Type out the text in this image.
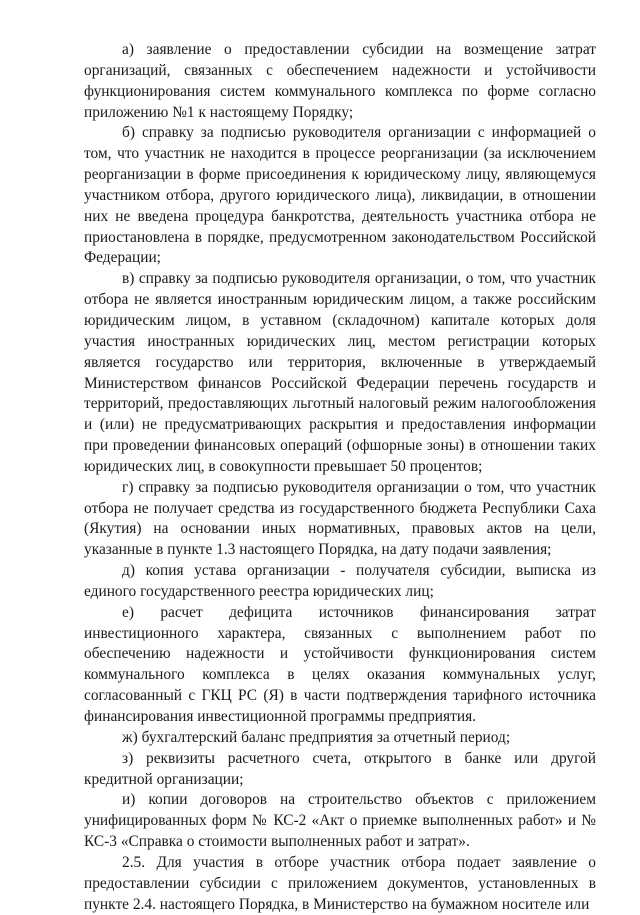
а) заявление о предоставлении субсидии на возмещение затрат организаций, связанных с обеспечением надежности и устойчивости функционирования систем коммунального комплекса по форме согласно приложению №1 к настоящему Порядку;

б) справку за подписью руководителя организации с информацией о том, что участник не находится в процессе реорганизации (за исключением реорганизации в форме присоединения к юридическому лицу, являющемуся участником отбора, другого юридического лица), ликвидации, в отношении них не введена процедура банкротства, деятельность участника отбора не приостановлена в порядке, предусмотренном законодательством Российской Федерации;

в) справку за подписью руководителя организации, о том, что участник отбора не является иностранным юридическим лицом, а также российским юридическим лицом, в уставном (складочном) капитале которых доля участия иностранных юридических лиц, местом регистрации которых является государство или территория, включенные в утверждаемый Министерством финансов Российской Федерации перечень государств и территорий, предоставляющих льготный налоговый режим налогообложения и (или) не предусматривающих раскрытия и предоставления информации при проведении финансовых операций (офшорные зоны) в отношении таких юридических лиц, в совокупности превышает 50 процентов;

г) справку за подписью руководителя организации о том, что участник отбора не получает средства из государственного бюджета Республики Саха (Якутия) на основании иных нормативных, правовых актов на цели, указанные в пункте 1.3 настоящего Порядка, на дату подачи заявления;

д) копия устава организации - получателя субсидии, выписка из единого государственного реестра юридических лиц;

е) расчет дефицита источников финансирования затрат инвестиционного характера, связанных с выполнением работ по обеспечению надежности и устойчивости функционирования систем коммунального комплекса в целях оказания коммунальных услуг, согласованный с ГКЦ РС (Я) в части подтверждения тарифного источника финансирования инвестиционной программы предприятия.

ж) бухгалтерский баланс предприятия за отчетный период;

з) реквизиты расчетного счета, открытого в банке или другой кредитной организации;

и) копии договоров на строительство объектов с приложением унифицированных форм № КС-2 «Акт о приемке выполненных работ» и № КС-3 «Справка о стоимости выполненных работ и затрат».

2.5. Для участия в отборе участник отбора подает заявление о предоставлении субсидии с приложением документов, установленных в пункте 2.4. настоящего Порядка, в Министерство на бумажном носителе или
